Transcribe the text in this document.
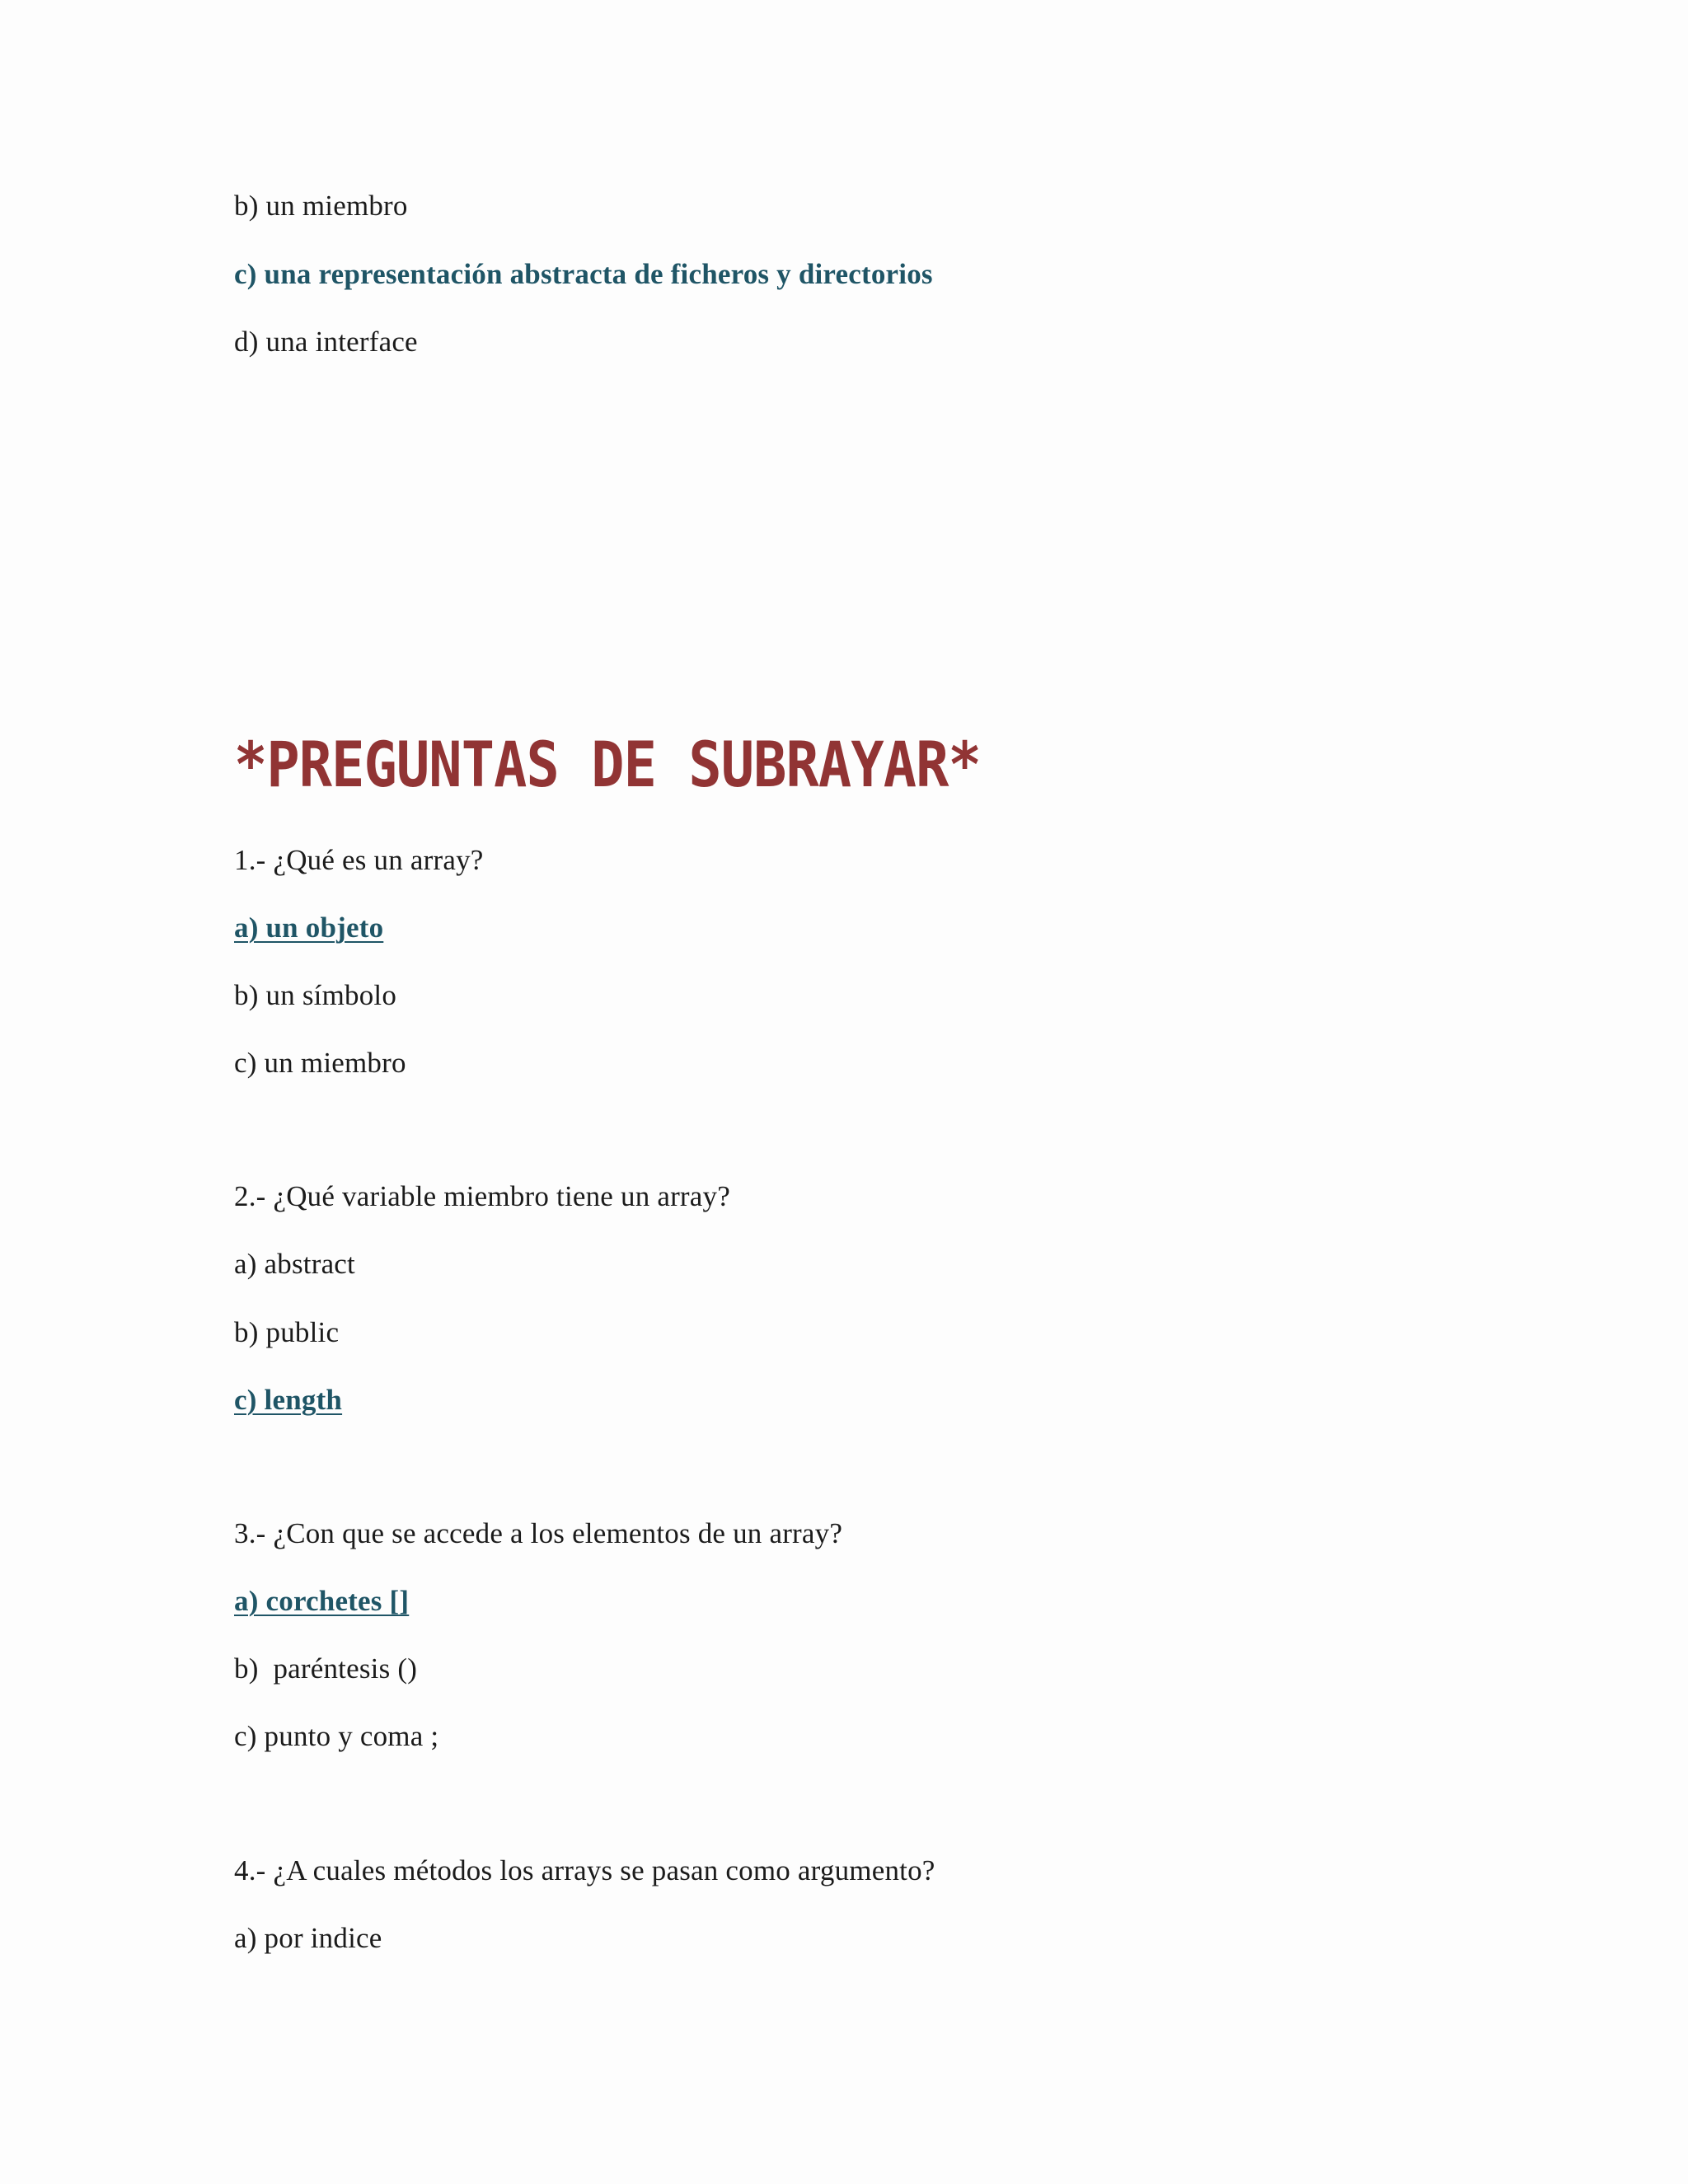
b) un miembro
c) una representación abstracta de ficheros y directorios
d) una interface
*PREGUNTAS DE SUBRAYAR*
1.- ¿Qué es un array?
a) un objeto
b) un símbolo
c) un miembro
2.- ¿Qué variable miembro tiene un array?
a) abstract
b) public
c) length
3.- ¿Con que se accede a los elementos de un array?
a) corchetes []
b)  paréntesis ()
c) punto y coma ;
4.- ¿A cuales métodos los arrays se pasan como argumento?
a) por indice
